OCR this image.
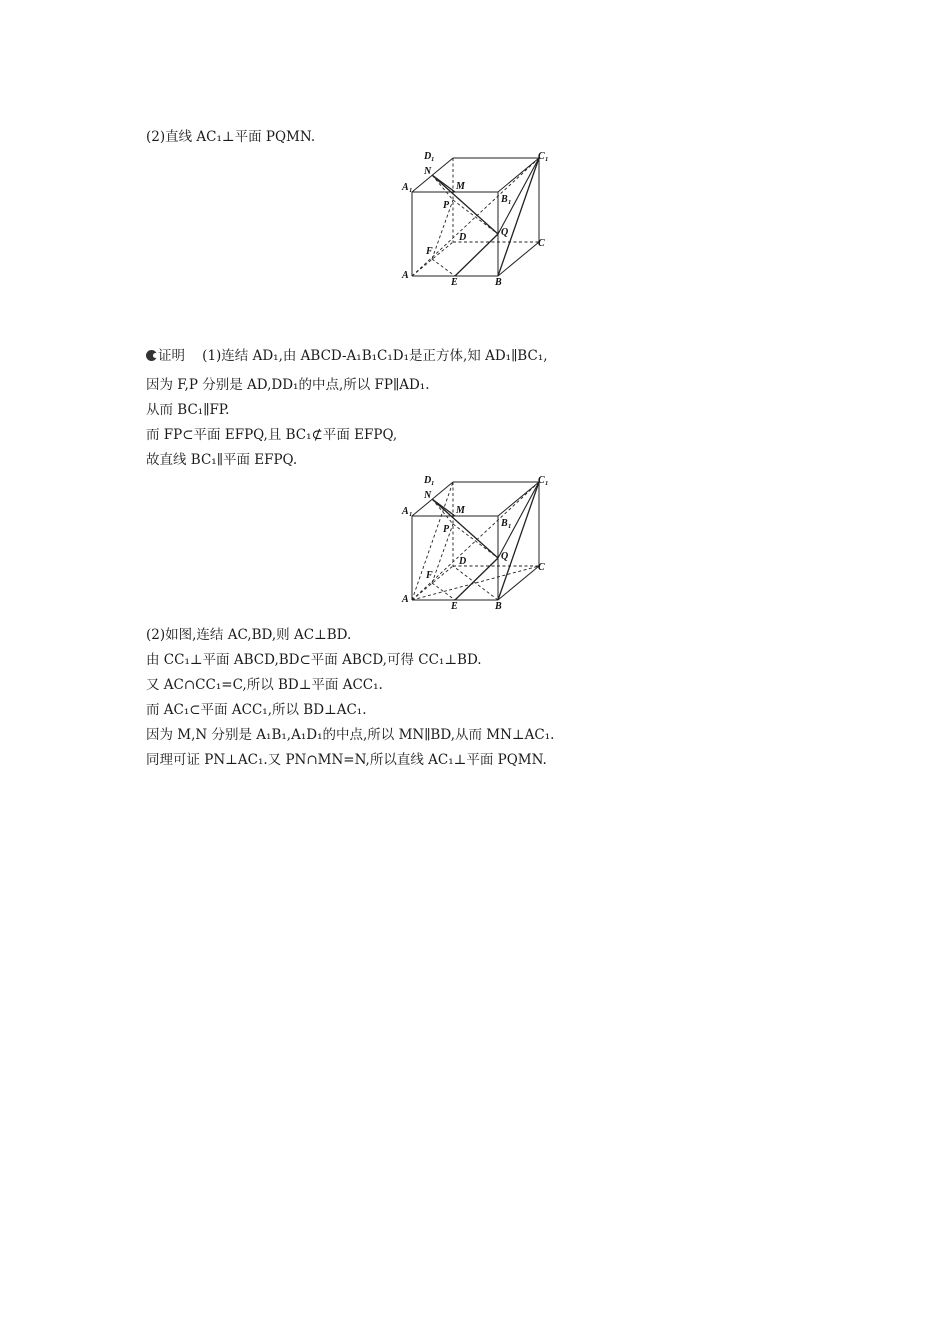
(2)直线 AC₁⊥平面 PQMN.
D 1	C 1
N
A 1	M
B 1
P
D	Q
C
F
A
E	B
证明 (1)连结 AD₁,由 ABCD-A₁B₁C₁D₁是正方体,知 AD₁∥BC₁,
因为 F,P 分别是 AD,DD₁的中点,所以 FP∥AD₁.
从而 BC₁∥FP.
而 FP⊂平面 EFPQ,且 BC₁⊄平面 EFPQ,
故直线 BC₁∥平面 EFPQ.
D 1	C 1
N
A 1	M
B 1
P
D	Q
C
F
A
E	B
(2)如图,连结 AC,BD,则 AC⊥BD.
由 CC₁⊥平面 ABCD,BD⊂平面 ABCD,可得 CC₁⊥BD.
又 AC∩CC₁=C,所以 BD⊥平面 ACC₁.
而 AC₁⊂平面 ACC₁,所以 BD⊥AC₁.
因为 M,N 分别是 A₁B₁,A₁D₁的中点,所以 MN∥BD,从而 MN⊥AC₁.
同理可证 PN⊥AC₁.又 PN∩MN=N,所以直线 AC₁⊥平面 PQMN.
